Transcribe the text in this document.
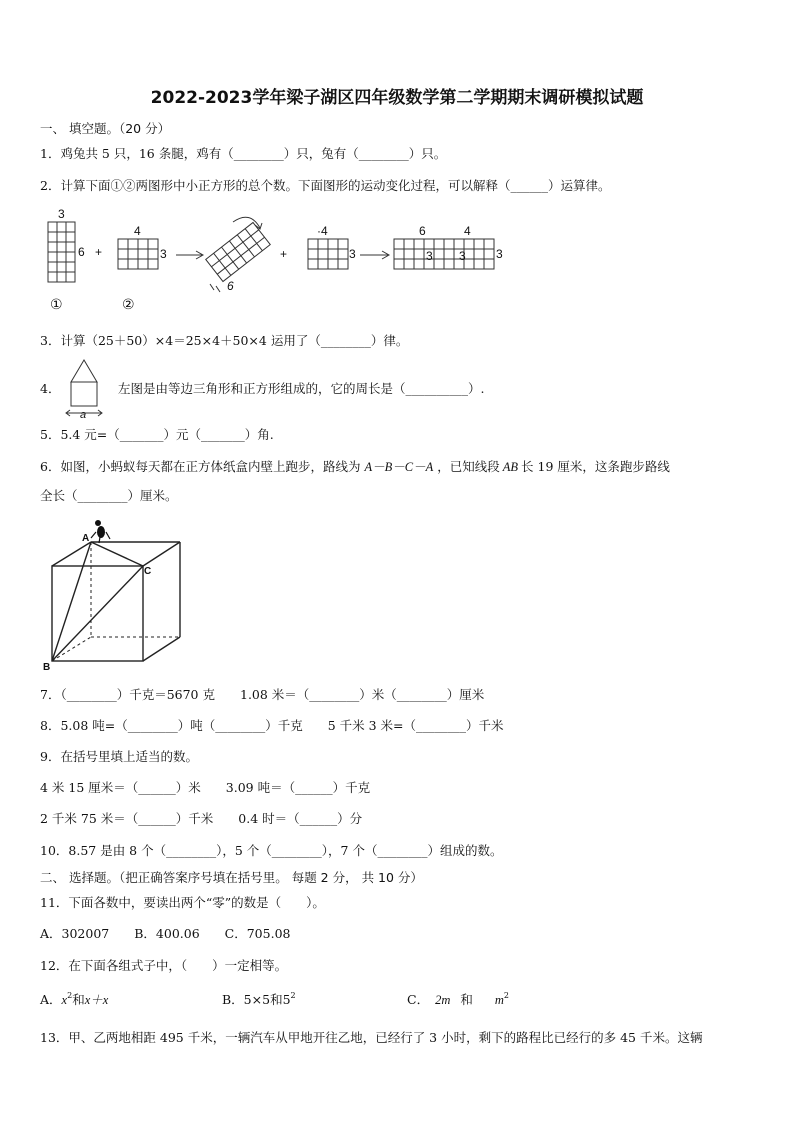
2022-2023学年梁子湖区四年级数学第二学期期末调研模拟试题
一、 填空题。（20 分）
1．鸡兔共 5 只，16 条腿，鸡有（________）只，兔有（________）只。
2．计算下面①②两图形中小正方形的总个数。下面图形的运动变化过程，可以解释（______）运算律。
3
6 +
4
3
6
+
·4
3
6	4
3 3	3
①	②
3．计算（25＋50）×4＝25×4＋50×4 运用了（________）律。
4．
a
左图是由等边三角形和正方形组成的，它的周长是（__________）.
5．5.4 元=（_______）元（_______）角.
6．如图，小蚂蚁每天都在正方体纸盒内壁上跑步，路线为 A－B－C－A ，已知线段 AB 长 19 厘米，这条跑步路线
全长（________）厘米。
A
B
C
7．（________）千克＝5670 克　　1.08 米＝（________）米（________）厘米
8．5.08 吨=（________）吨（________）千克　　5 千米 3 米=（________）千米
9．在括号里填上适当的数。
4 米 15 厘米＝（______）米　　3.09 吨＝（______）千克
2 千米 75 米＝（______）千米　　0.4 时＝（______）分
10．8.57 是由 8 个（________），5 个（________），7 个（________）组成的数。
二、 选择题。（把正确答案序号填在括号里。 每题 2 分， 共 10 分）
11．下面各数中，要读出两个“零”的数是（　　）。
A．302007　　B．400.06　　C．705.08
12．在下面各组式子中，（　　）一定相等。
A．$x^2$和x＋x	B．5×5和$5^2$	C． 2m 和 $m^2$
13．甲、乙两地相距 495 千米，一辆汽车从甲地开往乙地，已经行了 3 小时，剩下的路程比已经行的多 45 千米。这辆
